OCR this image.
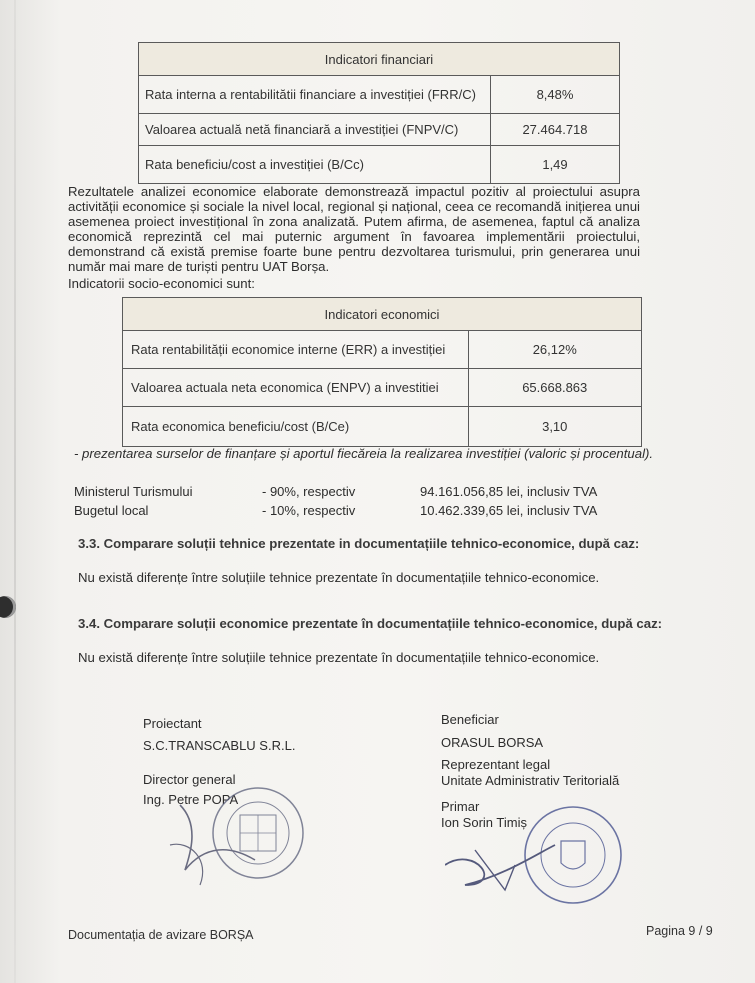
Indicatori financiari	
Rata interna a rentabilitătii financiare a investiției (FRR/C)	8,48%
Valoarea actuală netă financiară a investiției (FNPV/C)	27.464.718
Rata beneficiu/cost a investiției (B/Cc)	1,49
Rezultatele analizei economice elaborate demonstrează impactul pozitiv al proiectului asupra activității economice și sociale la nivel local, regional și național, ceea ce recomandă inițierea unui asemenea proiect investițional în zona analizată. Putem afirma, de asemenea, faptul că analiza economică reprezintă cel mai puternic argument în favoarea implementării proiectului, demonstrand că există premise foarte bune pentru dezvoltarea turismului, prin generarea unui număr mai mare de turiști pentru UAT Borșa.
Indicatorii socio-economici sunt:
Indicatori economici	
Rata rentabilității economice interne (ERR) a investiției	26,12%
Valoarea actuala neta economica (ENPV) a investitiei	65.668.863
Rata economica beneficiu/cost (B/Ce)	3,10
- prezentarea surselor de finanțare și aportul fiecăreia la realizarea investiției (valoric și procentual).
Ministerul Turismului	- 90%, respectiv	94.161.056,85 lei, inclusiv TVA
Bugetul local	- 10%, respectiv	10.462.339,65 lei, inclusiv TVA
3.3. Comparare soluții tehnice prezentate in documentațiile tehnico-economice, după caz:
Nu există diferențe între soluțiile tehnice prezentate în documentațiile tehnico-economice.
3.4. Comparare soluții economice prezentate în documentațiile tehnico-economice, după caz:
Nu există diferențe între soluțiile tehnice prezentate în documentațiile tehnico-economice.
Proiectant
S.C.TRANSCABLU S.R.L.
Director general
Ing. Petre POPA
Beneficiar
ORASUL BORSA
Reprezentant legal
Unitate Administrativ Teritorială
Primar
Ion Sorin Timiș
Documentația de avizare BORȘA	Pagina 9 / 9
